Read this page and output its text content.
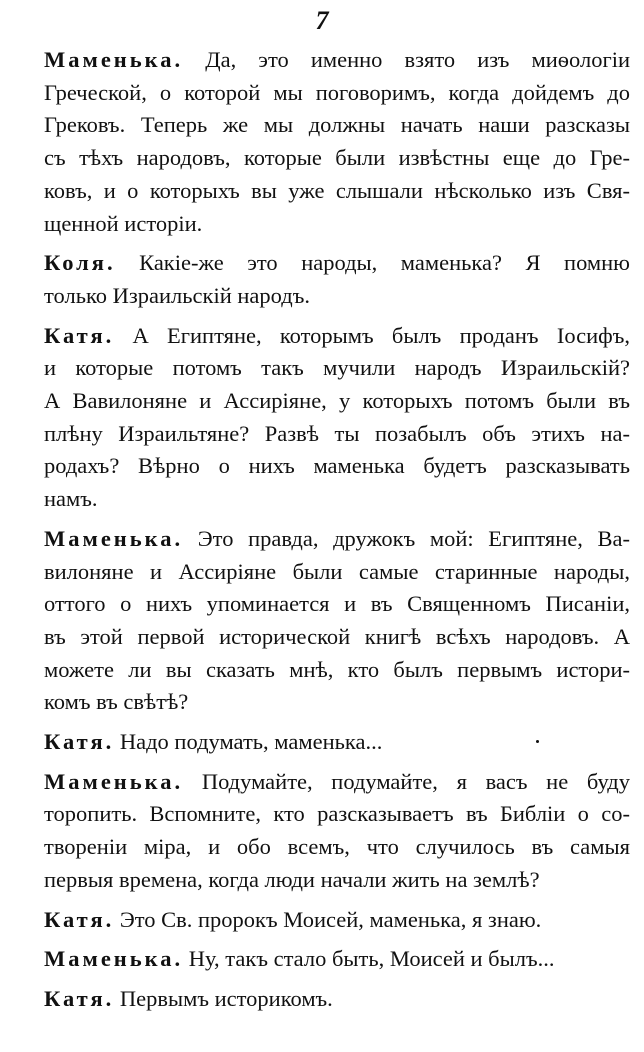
7

Маменька. Да, это именно взято изъ миѳологіи
Греческой, о которой мы поговоримъ, когда дойдемъ до
Грековъ. Теперь же мы должны начать наши разсказы
съ тѣхъ народовъ, которые были извѣстны еще до Гре-
ковъ, и о которыхъ вы уже слышали нѣсколько изъ Свя-
щенной исторіи.

Коля. Какіе-же это народы, маменька? Я помню
только Израильскій народъ.

Катя. А Египтяне, которымъ былъ проданъ Іосифъ,
и которые потомъ такъ мучили народъ Израильскій?
А Вавилоняне и Ассиріяне, у которыхъ потомъ были въ
плѣну Израильтяне? Развѣ ты позабылъ объ этихъ на-
родахъ? Вѣрно о нихъ маменька будетъ разсказывать
намъ.

Маменька. Это правда, дружокъ мой: Египтяне, Ва-
вилоняне и Ассиріяне были самые старинные народы,
оттого о нихъ упоминается и въ Священномъ Писаніи,
въ этой первой исторической книгѣ всѣхъ народовъ. А
можете ли вы сказать мнѣ, кто былъ первымъ истори-
комъ въ свѣтѣ?

Катя. Надо подумать, маменька...

Маменька. Подумайте, подумайте, я васъ не буду
торопить. Вспомните, кто разсказываетъ въ Библіи о со-
твореніи міра, и обо всемъ, что случилось въ самыя
первыя времена, когда люди начали жить на землѣ?

Катя. Это Св. пророкъ Моисей, маменька, я знаю.

Маменька. Ну, такъ стало быть, Моисей и былъ...

Катя. Первымъ историкомъ.
